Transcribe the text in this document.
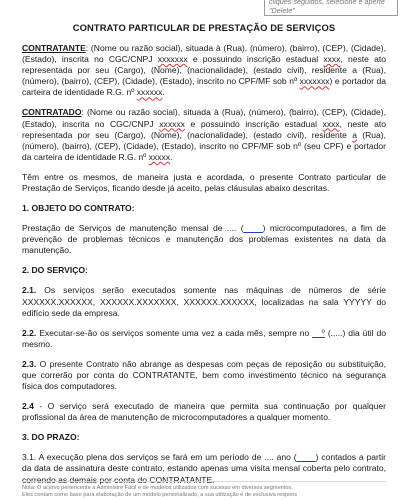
cliques seguidos, selecione e aperte "Delete"
CONTRATO PARTICULAR DE PRESTAÇÃO DE SERVIÇOS

CONTRATANTE: (Nome ou razão social), situada à (Rua), (número), (bairro), (CEP), (Cidade), (Estado), inscrita no CGC/CNPJ xxxxxxx e possuindo inscrição estadual xxxx, neste ato representada por seu (Cargo), (Nome), (nacionalidade), (estado civil), residente a (Rua), (número), (bairro), (CEP), (Cidade), (Estado), inscrito no CPF/MF sob nº xxxxxxx) e portador da carteira de identidade R.G. nº xxxxxx.

CONTRATADO: (Nome ou razão social), situada à (Rua), (número), (bairro), (CEP), (Cidade), (Estado), inscrita no CGC/CNPJ xxxxxx e possuindo inscrição estadual xxxx, neste ato representada por seu (Cargo), (Nome), (nacionalidade), (estado civil), residente a (Rua), (número), (bairro), (CEP), (Cidade), (Estado), inscrito no CPF/MF sob nº (seu CPF) e portador da carteira de identidade R.G. nº xxxxx.

Têm entre os mesmos, de maneira justa e acordada, o presente Contrato particular de Prestação de Serviços, ficando desde já aceito, pelas cláusulas abaixo descritas.

1. OBJETO DO CONTRATO:

Prestação de Serviços de manutenção mensal de .... (____) microcomputadores, a fim de prevenção de problemas técnicos e manutenção dos problemas existentes na data da manutenção.

2. DO SERVIÇO:

2.1. Os serviços serão executados somente nas máquinas de números de série XXXXXX.XXXXXX, XXXXXX.XXXXXXX, XXXXXX.XXXXXX, localizadas na sala YYYYY do edifício sede da empresa.

2.2. Executar-se-ão os serviços somente uma vez a cada mês, sempre no __º (.....) dia útil do mesmo.

2.3. O presente Contrato não abrange as despesas com peças de reposição ou substituição, que correrão por conta do CONTRATANTE, bem como investimento técnico na segurança física dos computadores.

2.4 - O serviço será executado de maneira que permita sua continuação por qualquer profissional da área de manutenção de microcomputadores a qualquer momento.

3. DO PRAZO:

3.1. A execução plena dos serviços se fará em um período de .... ano (____) contados a partir da data de assinatura deste contrato, estando apenas uma visita mensal coberta pelo contrato, correndo as demais por conta do CONTRATANTE.

Nota: O acervo pertencente a Administre Fácil é de modelos utilizados com sucesso em diversos segmentos.
Eles contam como base para elaboração de um modelo personalizado, a sua utilização é de exclusiva respons
